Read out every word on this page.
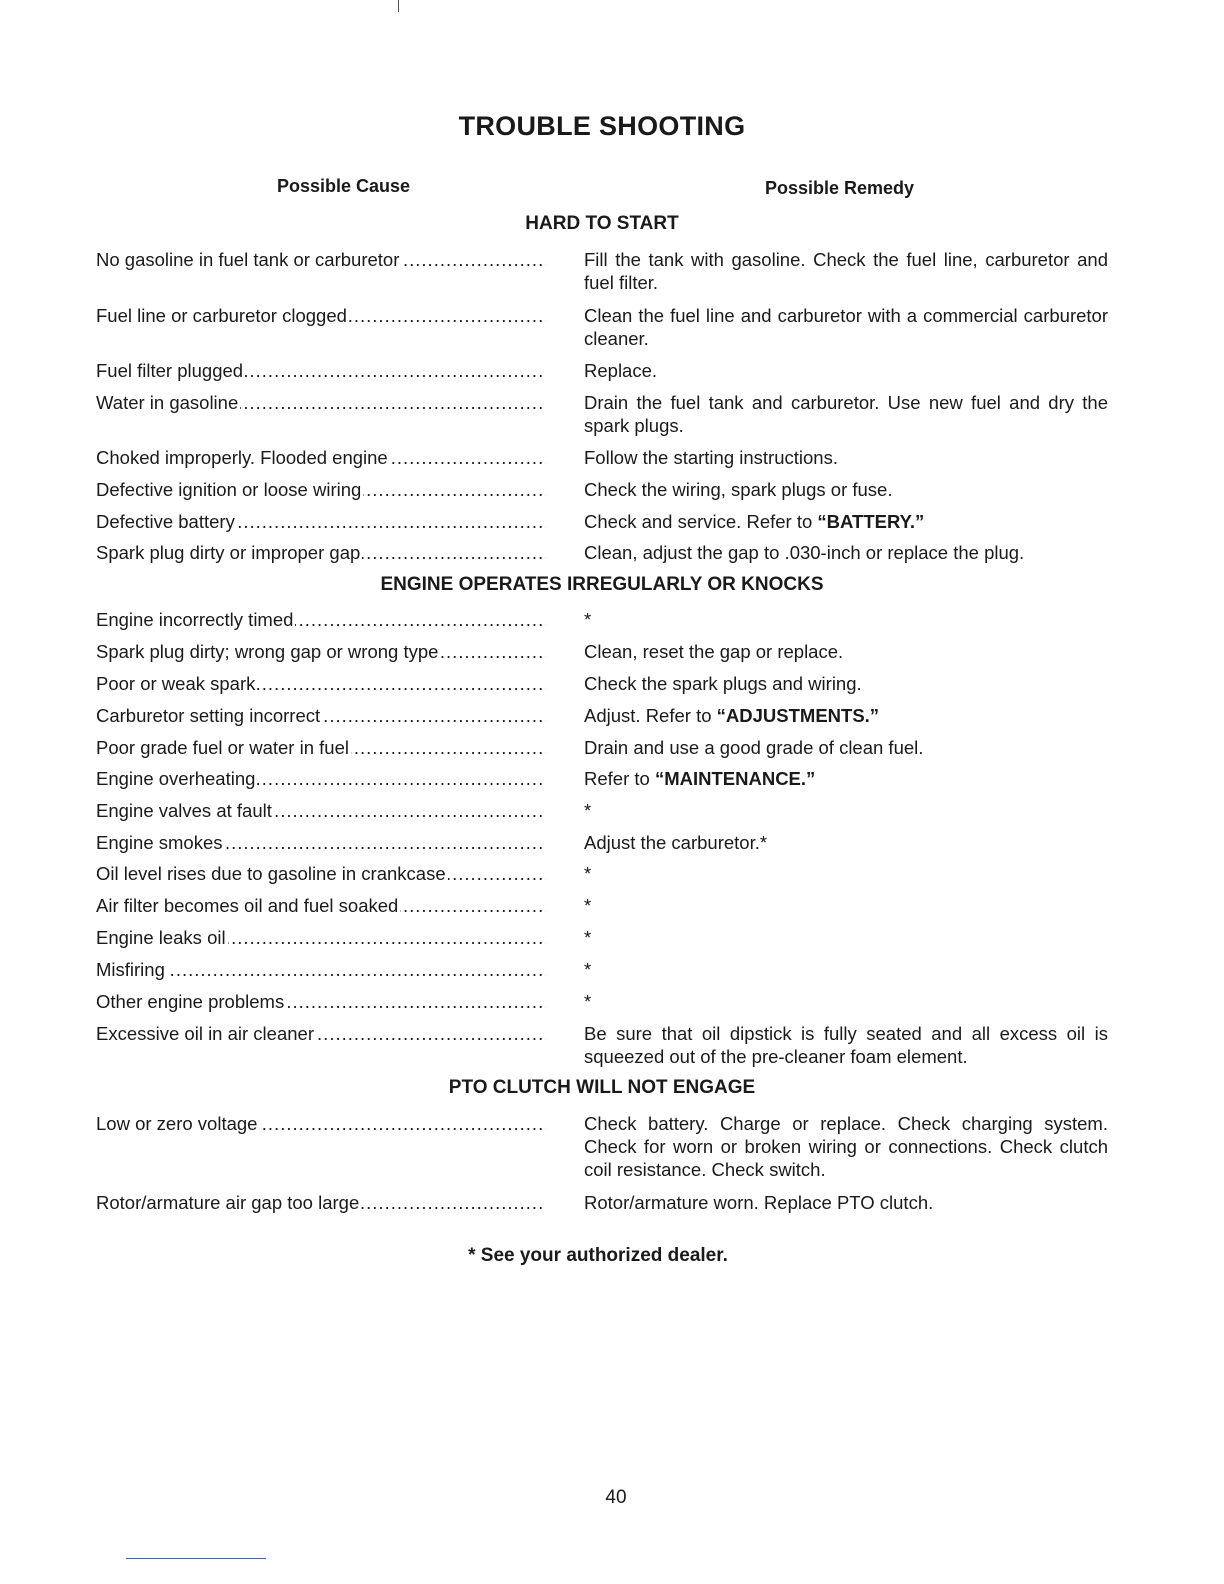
TROUBLE SHOOTING
Possible Cause	Possible Remedy
HARD TO START
No gasoline in fuel tank or carburetor .....	Fill the tank with gasoline. Check the fuel line, carburetor and fuel filter.
Fuel line or carburetor clogged .....	Clean the fuel line and carburetor with a commercial carburetor cleaner.
Fuel filter plugged .....	Replace.
Water in gasoline .....	Drain the fuel tank and carburetor. Use new fuel and dry the spark plugs.
Choked improperly. Flooded engine .....	Follow the starting instructions.
Defective ignition or loose wiring .....	Check the wiring, spark plugs or fuse.
Defective battery .....	Check and service. Refer to “BATTERY.”
Spark plug dirty or improper gap .....	Clean, adjust the gap to .030-inch or replace the plug.
ENGINE OPERATES IRREGULARLY OR KNOCKS
Engine incorrectly timed .....	*
Spark plug dirty; wrong gap or wrong type .....	Clean, reset the gap or replace.
Poor or weak spark .....	Check the spark plugs and wiring.
Carburetor setting incorrect .....	Adjust. Refer to “ADJUSTMENTS.”
Poor grade fuel or water in fuel .....	Drain and use a good grade of clean fuel.
Engine overheating .....	Refer to “MAINTENANCE.”
Engine valves at fault .....	*
Engine smokes .....	Adjust the carburetor.*
Oil level rises due to gasoline in crankcase .....	*
Air filter becomes oil and fuel soaked .....	*
Engine leaks oil .....	*
Misfiring .....	*
Other engine problems .....	*
Excessive oil in air cleaner .....	Be sure that oil dipstick is fully seated and all excess oil is squeezed out of the pre-cleaner foam element.
PTO CLUTCH WILL NOT ENGAGE
Low or zero voltage .....	Check battery. Charge or replace. Check charging system. Check for worn or broken wiring or connections. Check clutch coil resistance. Check switch.
Rotor/armature air gap too large .....	Rotor/armature worn. Replace PTO clutch.
* See your authorized dealer.
40
